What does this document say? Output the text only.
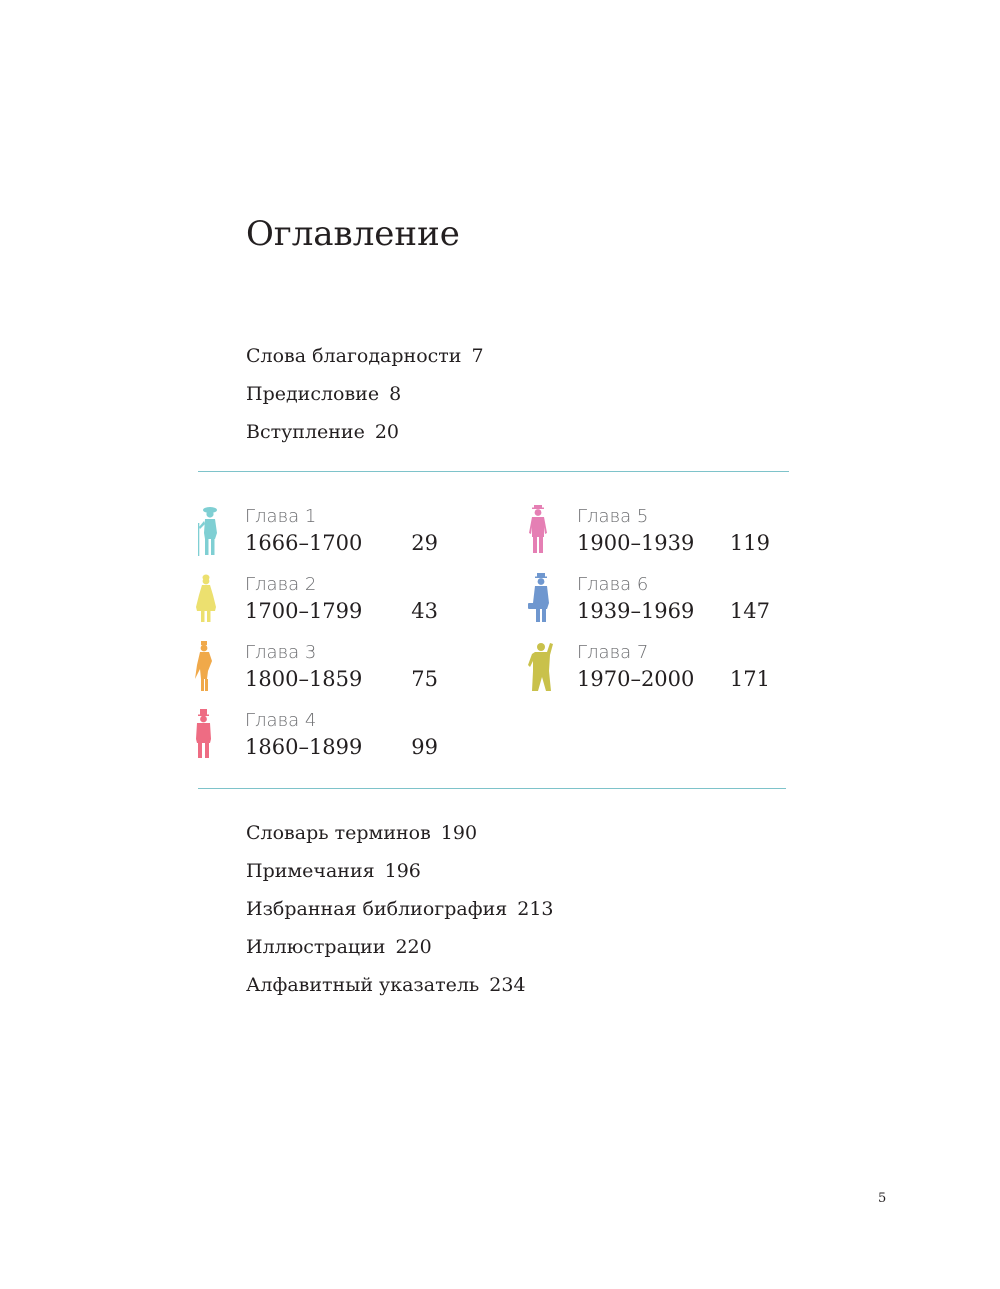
Оглавление
Слова благодарности 7
Предисловие 8
Вступление 20
Глава 1
1666–1700	29
Глава 2
1700–1799	43
Глава 3
1800–1859	75
Глава 4
1860–1899	99
Глава 5
1900–1939	119
Глава 6
1939–1969	147
Глава 7
1970–2000	171
Словарь терминов 190
Примечания 196
Избранная библиография 213
Иллюстрации 220
Алфавитный указатель 234
5
